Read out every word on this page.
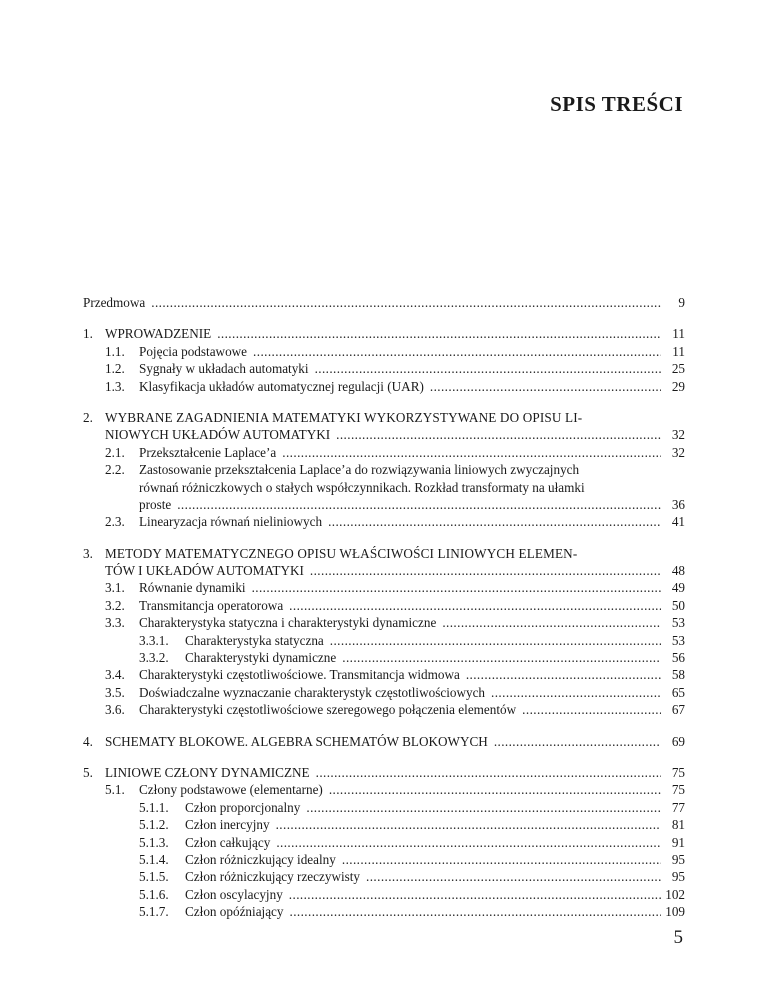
SPIS TREŚCI
Przedmowa .....	9
1. WPROWADZENIE .....	11
1.1.	Pojęcia podstawowe .....	11
1.2.	Sygnały w układach automatyki .....	25
1.3.	Klasyfikacja układów automatycznej regulacji (UAR) .....	29
2. WYBRANE ZAGADNIENIA MATEMATYKI WYKORZYSTYWANE DO OPISU LI-
NIOWYCH UKŁADÓW AUTOMATYKI .....	32
2.1.	Przekształcenie Laplace’a .....	32
2.2.	Zastosowanie przekształcenia Laplace’a do rozwiązywania liniowych zwyczajnych
równań różniczkowych o stałych współczynnikach. Rozkład transformaty na ułamki
proste .....	36
2.3.	Linearyzacja równań nieliniowych .....	41
3. METODY MATEMATYCZNEGO OPISU WŁAŚCIWOŚCI LINIOWYCH ELEMEN-
TÓW I UKŁADÓW AUTOMATYKI .....	48
3.1.	Równanie dynamiki .....	49
3.2.	Transmitancja operatorowa .....	50
3.3.	Charakterystyka statyczna i charakterystyki dynamiczne .....	53
3.3.1.	Charakterystyka statyczna .....	53
3.3.2.	Charakterystyki dynamiczne .....	56
3.4.	Charakterystyki częstotliwościowe. Transmitancja widmowa .....	58
3.5.	Doświadczalne wyznaczanie charakterystyk częstotliwościowych .....	65
3.6.	Charakterystyki częstotliwościowe szeregowego połączenia elementów .....	67
4. SCHEMATY BLOKOWE. ALGEBRA SCHEMATÓW BLOKOWYCH .....	69
5. LINIOWE CZŁONY DYNAMICZNE .....	75
5.1.	Człony podstawowe (elementarne) .....	75
5.1.1.	Człon proporcjonalny .....	77
5.1.2.	Człon inercyjny .....	81
5.1.3.	Człon całkujący .....	91
5.1.4.	Człon różniczkujący idealny .....	95
5.1.5.	Człon różniczkujący rzeczywisty .....	95
5.1.6.	Człon oscylacyjny .....	102
5.1.7.	Człon opóźniający .....	109
5
